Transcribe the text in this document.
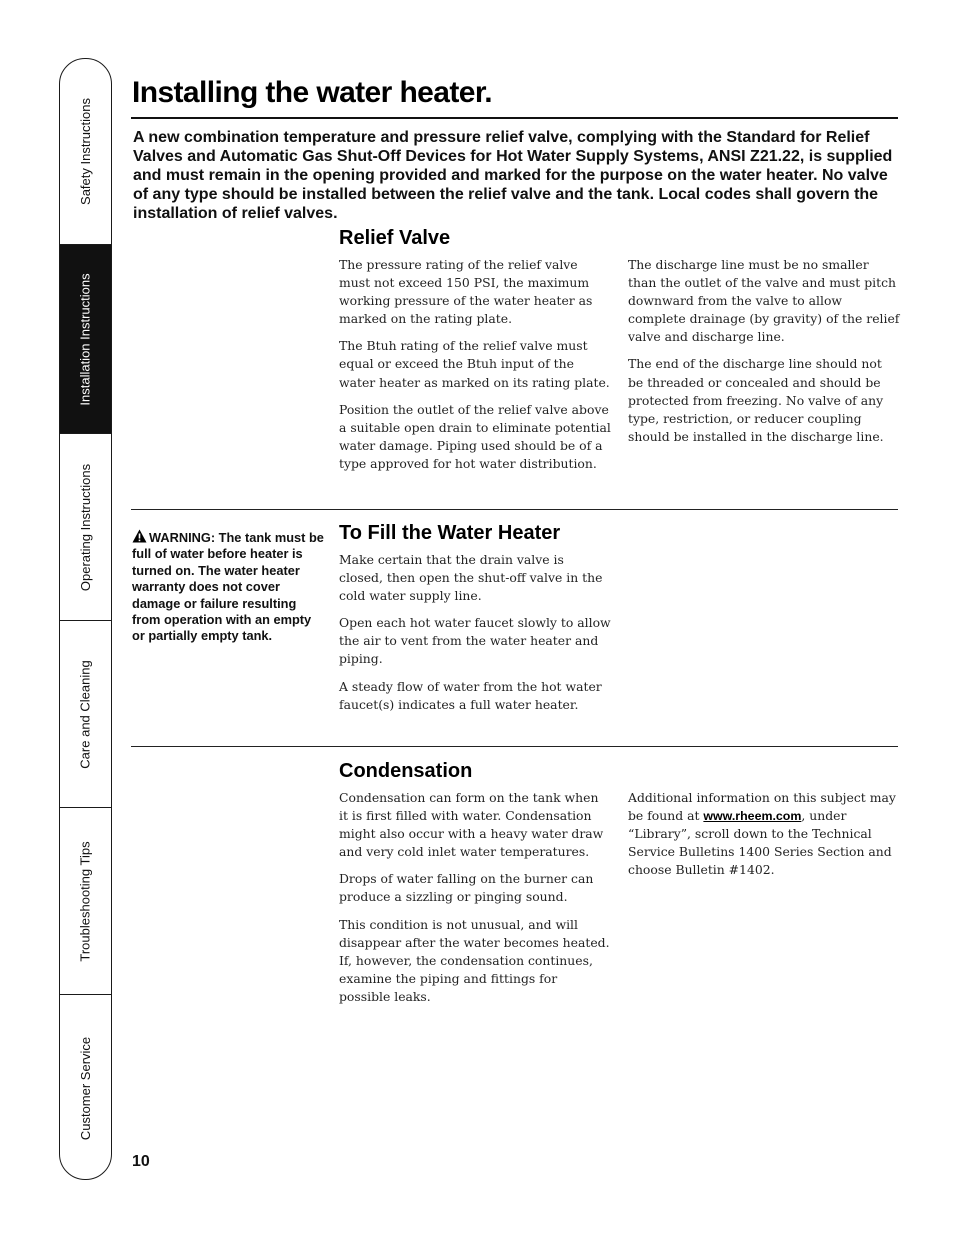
Safety Instructions
Installation Instructions
Operating Instructions
Care and Cleaning
Troubleshooting Tips
Customer Service
Installing the water heater.

A new combination temperature and pressure relief valve, complying with the Standard for Relief Valves and Automatic Gas Shut-Off Devices for Hot Water Supply Systems, ANSI Z21.22, is supplied and must remain in the opening provided and marked for the purpose on the water heater. No valve of any type should be installed between the relief valve and the tank. Local codes shall govern the installation of relief valves.

Relief Valve

The pressure rating of the relief valve must not exceed 150 PSI, the maximum working pressure of the water heater as marked on the rating plate.

The Btuh rating of the relief valve must equal or exceed the Btuh input of the water heater as marked on its rating plate.

Position the outlet of the relief valve above a suitable open drain to eliminate potential water damage. Piping used should be of a type approved for hot water distribution.

The discharge line must be no smaller than the outlet of the valve and must pitch downward from the valve to allow complete drainage (by gravity) of the relief valve and discharge line.

The end of the discharge line should not be threaded or concealed and should be protected from freezing. No valve of any type, restriction, or reducer coupling should be installed in the discharge line.

WARNING: The tank must be full of water before heater is turned on. The water heater warranty does not cover damage or failure resulting from operation with an empty or partially empty tank.

To Fill the Water Heater

Make certain that the drain valve is closed, then open the shut-off valve in the cold water supply line.

Open each hot water faucet slowly to allow the air to vent from the water heater and piping.

A steady flow of water from the hot water faucet(s) indicates a full water heater.

Condensation

Condensation can form on the tank when it is first filled with water. Condensation might also occur with a heavy water draw and very cold inlet water temperatures.

Drops of water falling on the burner can produce a sizzling or pinging sound.

This condition is not unusual, and will disappear after the water becomes heated. If, however, the condensation continues, examine the piping and fittings for possible leaks.

Additional information on this subject may be found at www.rheem.com, under “Library”, scroll down to the Technical Service Bulletins 1400 Series Section and choose Bulletin #1402.

10
